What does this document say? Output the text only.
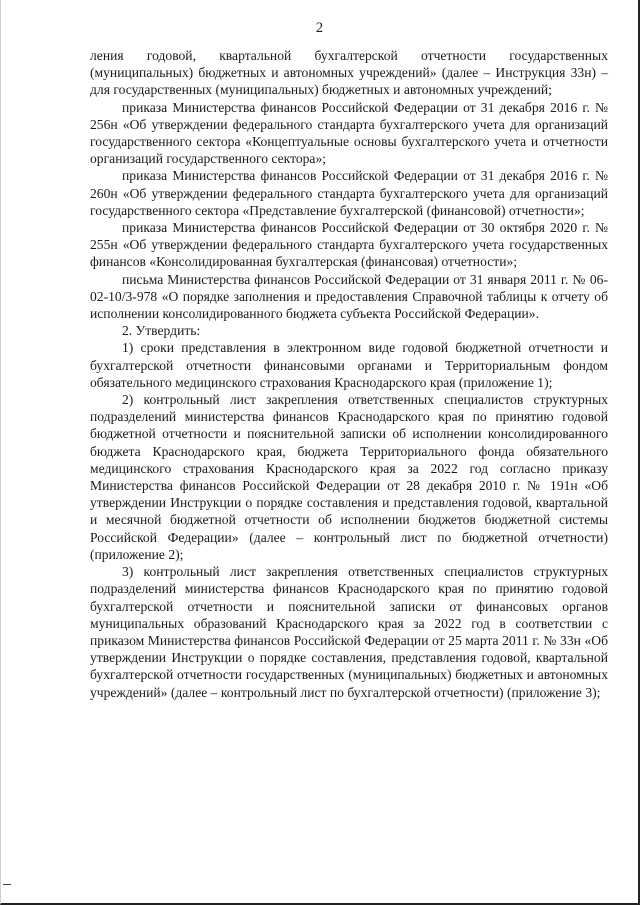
2

ления годовой, квартальной бухгалтерской отчетности государственных (муниципальных) бюджетных и автономных учреждений» (далее – Инструкция 33н) – для государственных (муниципальных) бюджетных и автономных учреждений;

приказа Министерства финансов Российской Федерации от 31 декабря 2016 г. № 256н «Об утверждении федерального стандарта бухгалтерского учета для организаций государственного сектора «Концептуальные основы бухгалтерского учета и отчетности организаций государственного сектора»;

приказа Министерства финансов Российской Федерации от 31 декабря 2016 г. № 260н «Об утверждении федерального стандарта бухгалтерского учета для организаций государственного сектора «Представление бухгалтерской (финансовой) отчетности»;

приказа Министерства финансов Российской Федерации от 30 октября 2020 г. № 255н «Об утверждении федерального стандарта бухгалтерского учета государственных финансов «Консолидированная бухгалтерская (финансовая) отчетности»;

письма Министерства финансов Российской Федерации от 31 января 2011 г. № 06-02-10/3-978 «О порядке заполнения и предоставления Справочной таблицы к отчету об исполнении консолидированного бюджета субъекта Российской Федерации».

2. Утвердить:

1) сроки представления в электронном виде годовой бюджетной отчетности и бухгалтерской отчетности финансовыми органами и Территориальным фондом обязательного медицинского страхования Краснодарского края (приложение 1);

2) контрольный лист закрепления ответственных специалистов структурных подразделений министерства финансов Краснодарского края по принятию годовой бюджетной отчетности и пояснительной записки об исполнении консолидированного бюджета Краснодарского края, бюджета Территориального фонда обязательного медицинского страхования Краснодарского края за 2022 год согласно приказу Министерства финансов Российской Федерации от 28 декабря 2010 г. № 191н «Об утверждении Инструкции о порядке составления и представления годовой, квартальной и месячной бюджетной отчетности об исполнении бюджетов бюджетной системы Российской Федерации» (далее – контрольный лист по бюджетной отчетности) (приложение 2);

3) контрольный лист закрепления ответственных специалистов структурных подразделений министерства финансов Краснодарского края по принятию годовой бухгалтерской отчетности и пояснительной записки от финансовых органов муниципальных образований Краснодарского края за 2022 год в соответствии с приказом Министерства финансов Российской Федерации от 25 марта 2011 г. № 33н «Об утверждении Инструкции о порядке составления, представления годовой, квартальной бухгалтерской отчетности государственных (муниципальных) бюджетных и автономных учреждений» (далее – контрольный лист по бухгалтерской отчетности) (приложение 3);
